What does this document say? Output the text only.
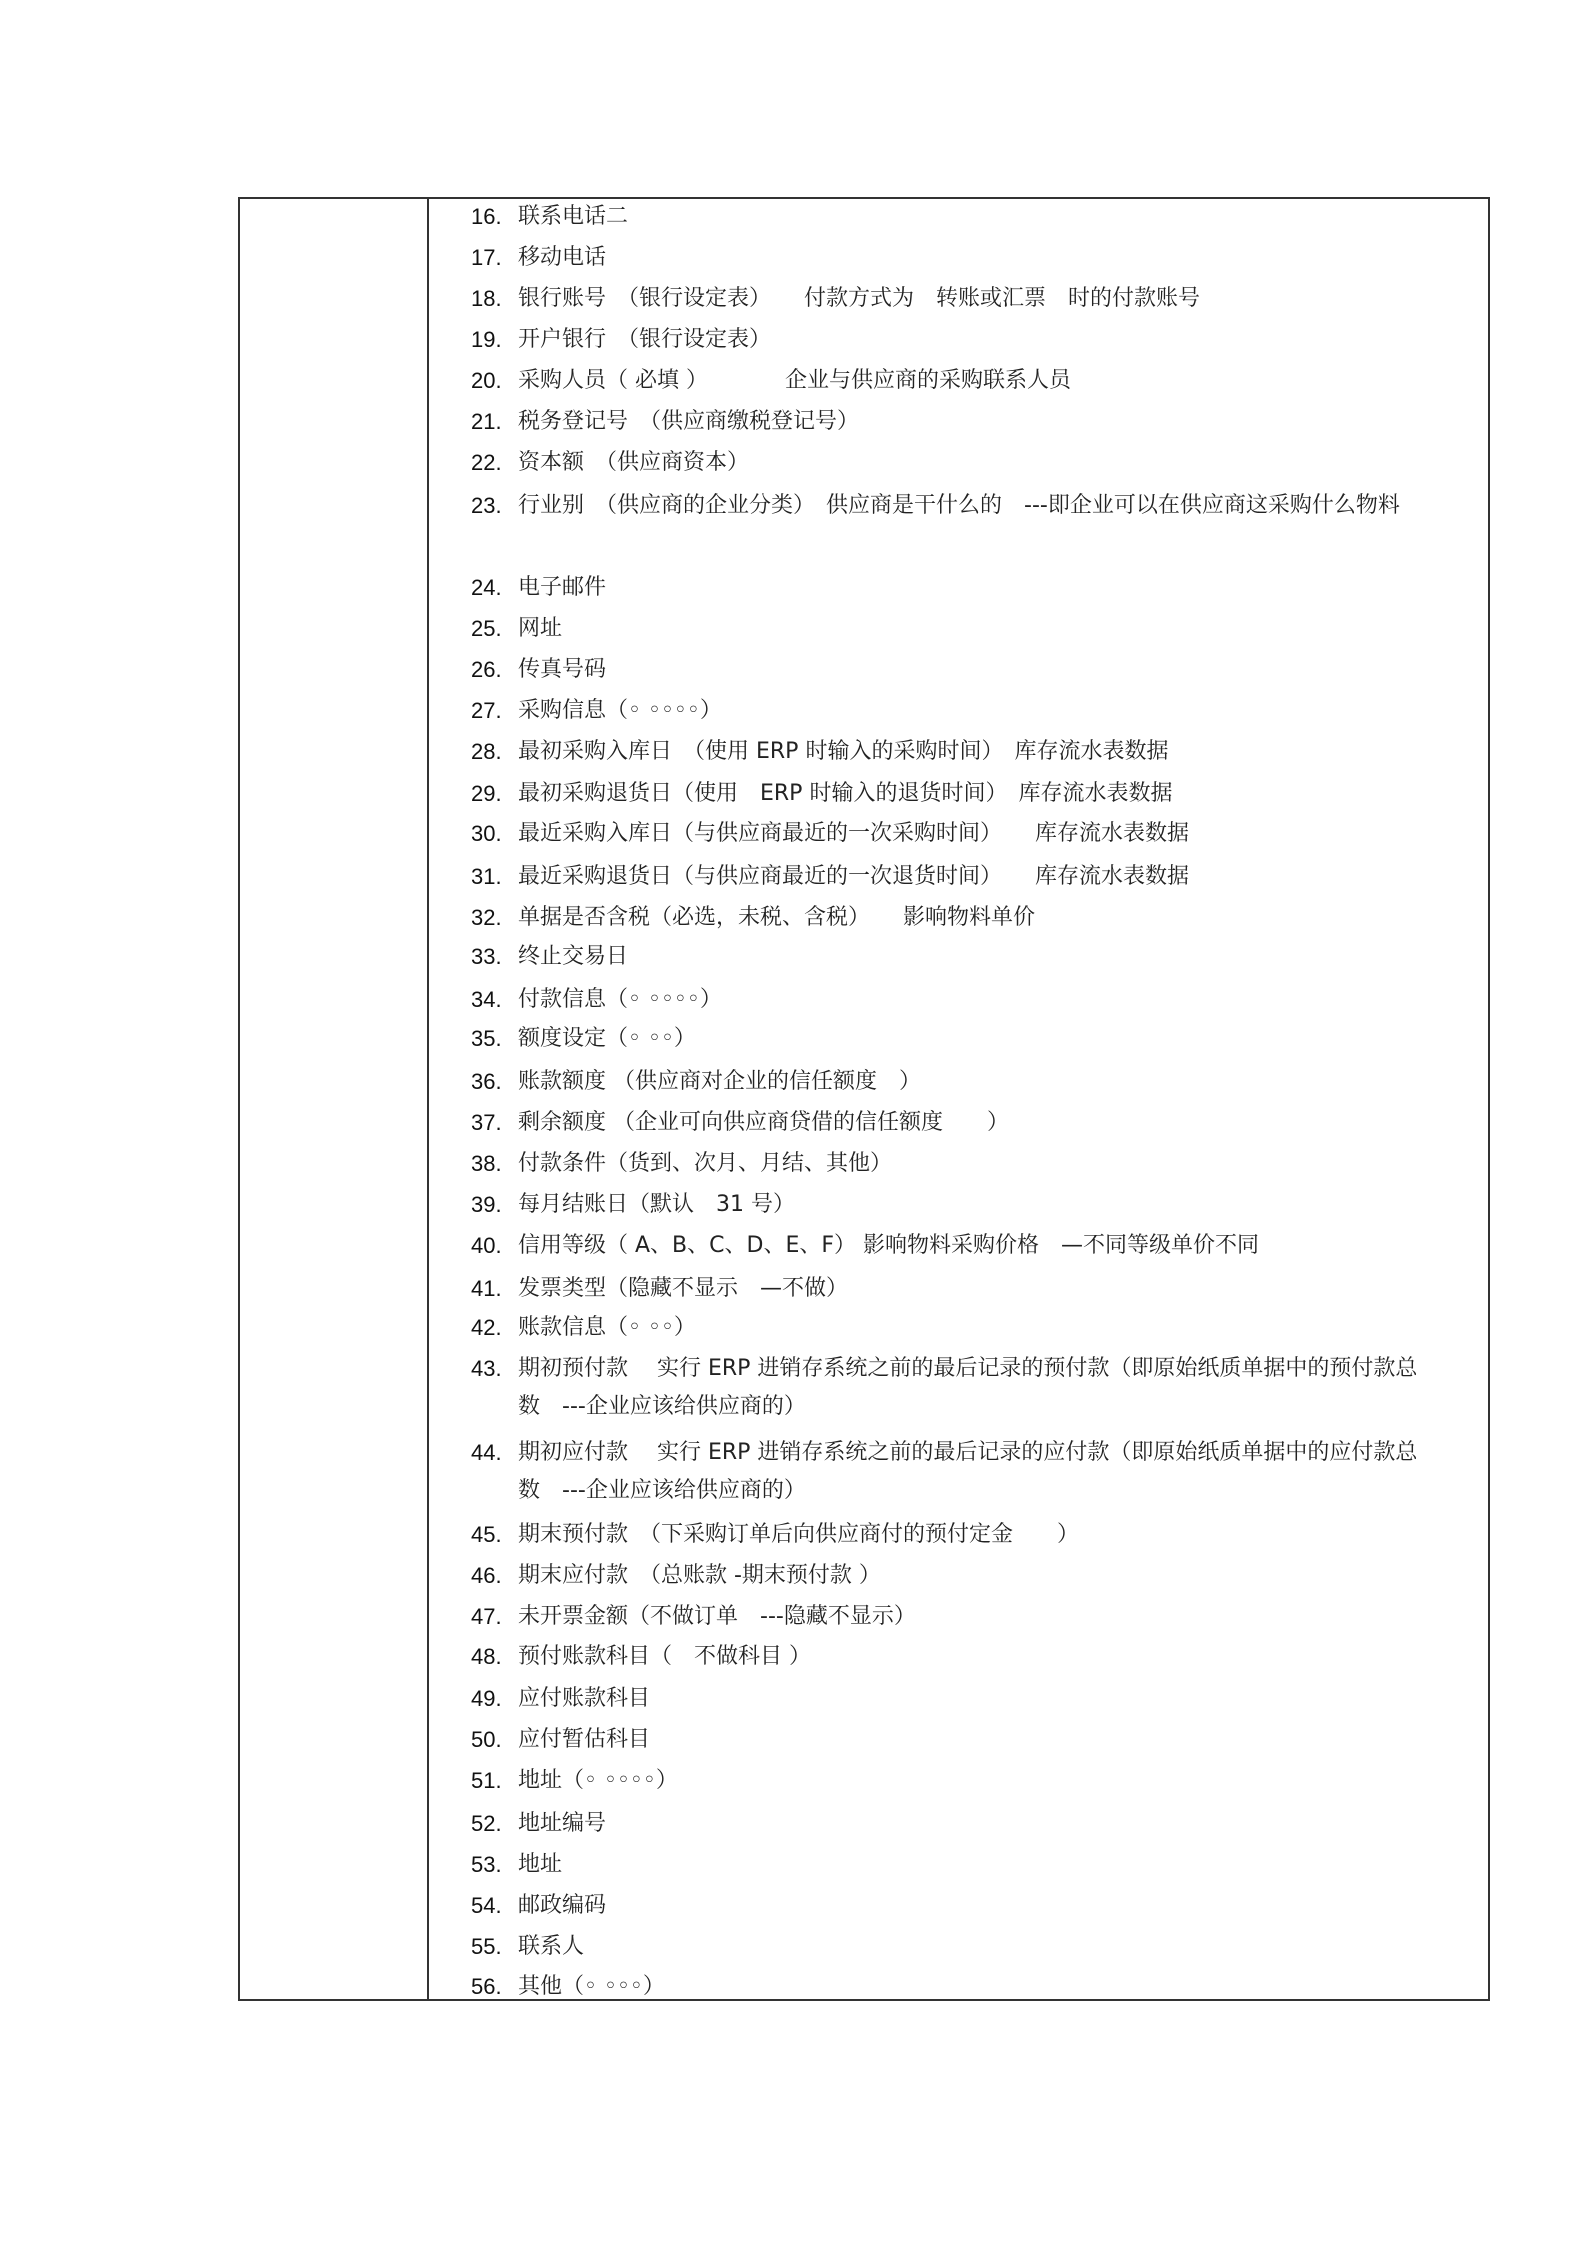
16. 联系电话二
17. 移动电话
18. 银行账号　（银行设定表）　　付款方式为　转账或汇票　时的付款账号
19. 开户银行　（银行设定表）
20. 采购人员（ 必填 ）　　　　企业与供应商的采购联系人员
21. 税务登记号　（供应商缴税登记号）
22. 资本额　（供应商资本）
23. 行业别　（供应商的企业分类）　供应商是干什么的　---即企业可以在供应商这采购什么物料
24. 电子邮件
25. 网址
26. 传真号码
27. 采购信息（◦ ◦◦◦◦）
28. 最初采购入库日　（使用 ERP 时输入的采购时间）　库存流水表数据
29. 最初采购退货日（使用　ERP 时输入的退货时间）　库存流水表数据
30. 最近采购入库日（与供应商最近的一次采购时间）　　库存流水表数据
31. 最近采购退货日（与供应商最近的一次退货时间）　　库存流水表数据
32. 单据是否含税（必选，未税、含税）　　影响物料单价
33. 终止交易日
34. 付款信息（◦ ◦◦◦◦）
35. 额度设定（◦ ◦◦）
36. 账款额度 （供应商对企业的信任额度　）
37. 剩余额度 （企业可向供应商贷借的信任额度　　）
38. 付款条件（货到、次月、月结、其他）
39. 每月结账日（默认　31 号）
40. 信用等级（ A、B、C、D、E、F） 影响物料采购价格　—不同等级单价不同
41. 发票类型（隐藏不显示　—不做）
42. 账款信息（◦ ◦◦）
43. 期初预付款　 实行 ERP 进销存系统之前的最后记录的预付款（即原始纸质单据中的预付款总数　---企业应该给供应商的）
44. 期初应付款　 实行 ERP 进销存系统之前的最后记录的应付款（即原始纸质单据中的应付款总数　---企业应该给供应商的）
45. 期末预付款　（下采购订单后向供应商付的预付定金　　）
46. 期末应付款　（总账款 -期末预付款 ）
47. 未开票金额（不做订单　---隐藏不显示）
48. 预付账款科目（　不做科目 ）
49. 应付账款科目
50. 应付暂估科目
51. 地址（◦ ◦◦◦◦）
52. 地址编号
53. 地址
54. 邮政编码
55. 联系人
56. 其他（◦ ◦◦◦）
